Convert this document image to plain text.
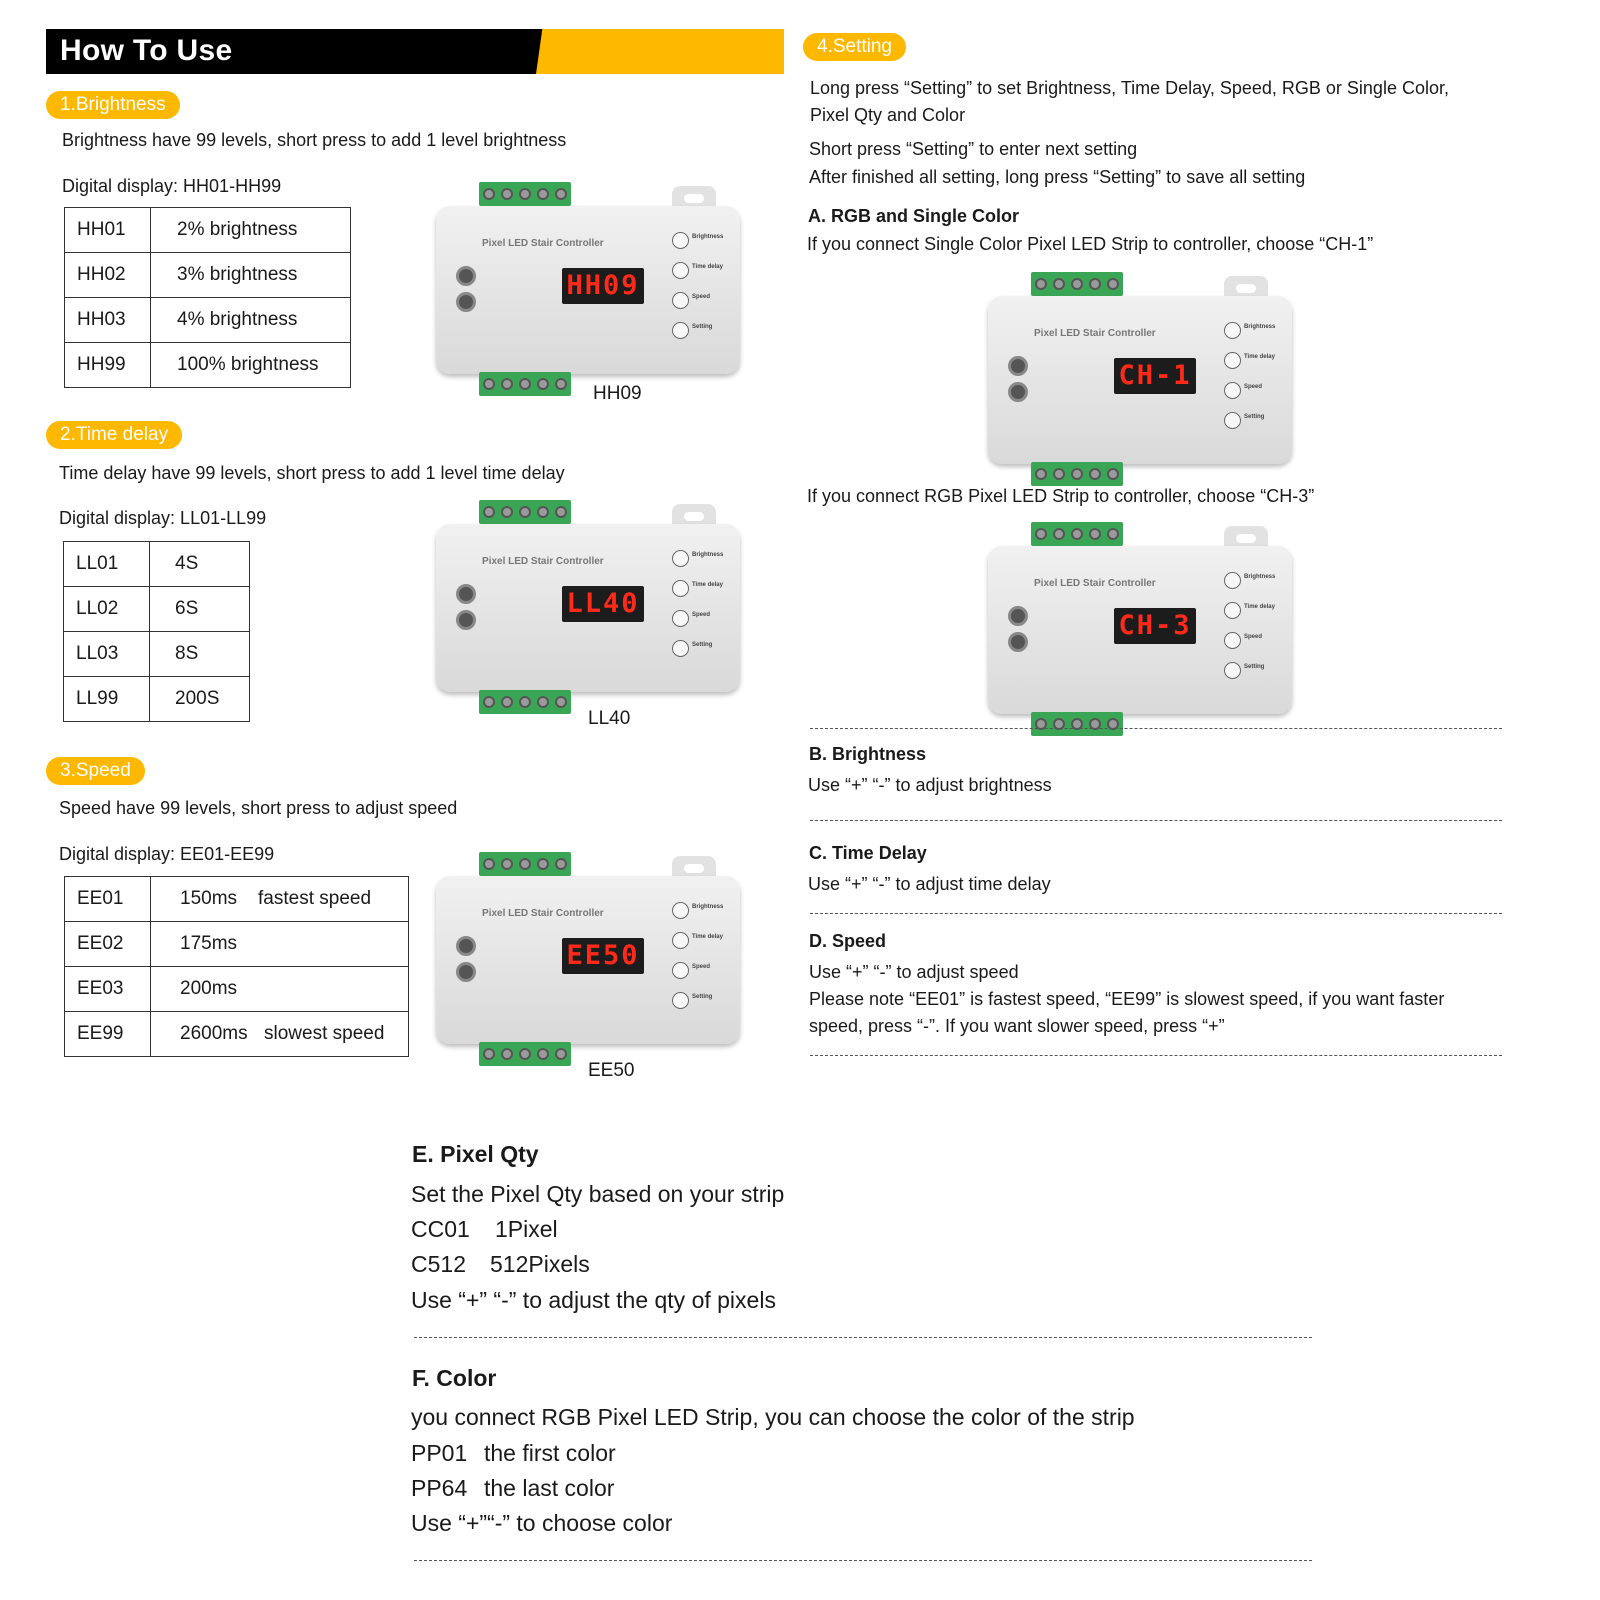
How To Use
1.Brightness
Brightness have 99 levels, short press to add 1 level brightness
Digital display: HH01-HH99
HH01	2% brightness
HH02	3% brightness
HH03	4% brightness
HH99	100% brightness
Pixel LED Stair Controller
HH09
Brightness
Time delay
Speed
Setting
HH09
2.Time delay
Time delay have 99 levels, short press to add 1 level time delay
Digital display: LL01-LL99
LL01	4S
LL02	6S
LL03	8S
LL99	200S
Pixel LED Stair Controller
LL40
Brightness
Time delay
Speed
Setting
LL40
3.Speed
Speed have 99 levels, short press to adjust speed
Digital display: EE01-EE99
EE01	150ms fastest speed
EE02	175ms
EE03	200ms
EE99	2600ms slowest speed
Pixel LED Stair Controller
EE50
Brightness
Time delay
Speed
Setting
EE50
4.Setting
Long press “Setting” to set Brightness, Time Delay, Speed, RGB or Single Color,
Pixel Qty and Color
Short press “Setting” to enter next setting
After finished all setting, long press “Setting” to save all setting
A. RGB and Single Color
If you connect Single Color Pixel LED Strip to controller, choose “CH-1”
Pixel LED Stair Controller
CH-1
Brightness
Time delay
Speed
Setting
If you connect RGB Pixel LED Strip to controller, choose “CH-3”
Pixel LED Stair Controller
CH-3
Brightness
Time delay
Speed
Setting
B. Brightness
Use “+” “-” to adjust brightness
C. Time Delay
Use “+” “-” to adjust time delay
D. Speed
Use “+” “-” to adjust speed
Please note “EE01” is fastest speed, “EE99” is slowest speed, if you want faster
speed, press “-”. If you want slower speed, press “+”
E. Pixel Qty
Set the Pixel Qty based on your strip
CC01 1Pixel
C512 512Pixels
Use “+” “-” to adjust the qty of pixels
F. Color
you connect RGB Pixel LED Strip, you can choose the color of the strip
PP01 the first color
PP64 the last color
Use “+”“-” to choose color
